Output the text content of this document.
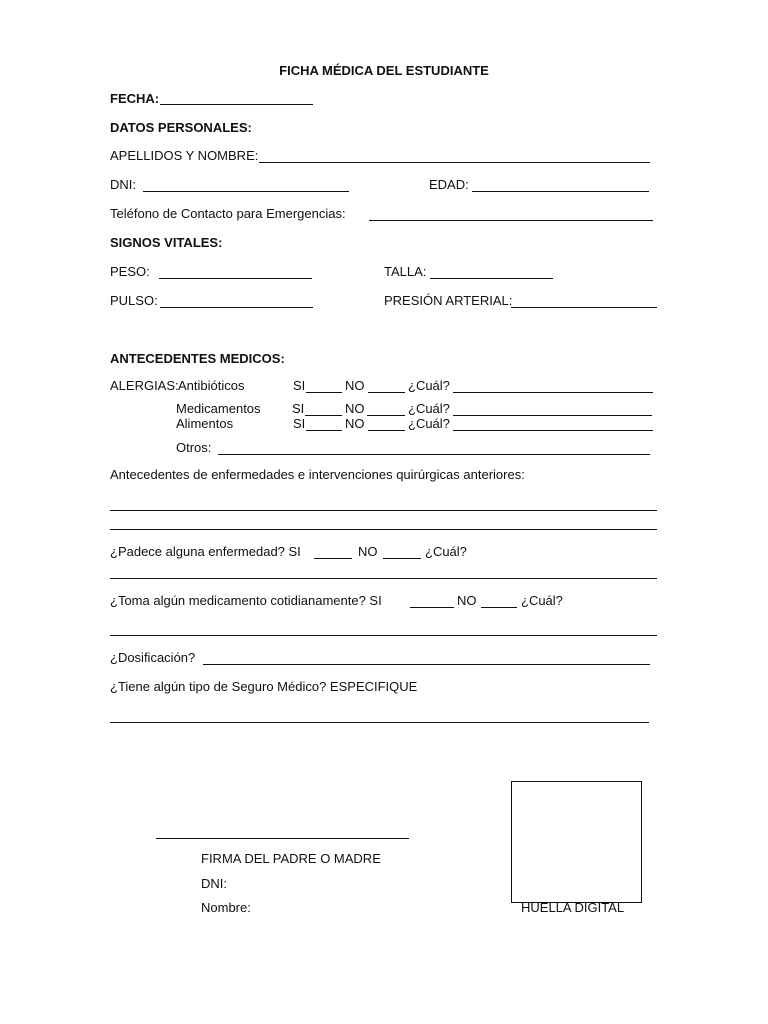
FICHA MÉDICA DEL ESTUDIANTE
FECHA:
DATOS PERSONALES:
APELLIDOS Y NOMBRE:
DNI:	EDAD:
Teléfono de Contacto para Emergencias:
SIGNOS VITALES:
PESO:	TALLA:
PULSO:	PRESIÓN ARTERIAL:
ANTECEDENTES MEDICOS:
ALERGIAS: Antibióticos	SI	NO	¿Cuál?
Medicamentos SI	NO	¿Cuál?
Alimentos	SI	NO	¿Cuál?
Otros:
Antecedentes de enfermedades e intervenciones quirúrgicas anteriores:
¿Padece alguna enfermedad? SI	NO	¿Cuál?
¿Toma algún medicamento cotidianamente? SI	NO	¿Cuál?
¿Dosificación?
¿Tiene algún tipo de Seguro Médico? ESPECIFIQUE
FIRMA DEL PADRE O MADRE
DNI:
Nombre:	HUELLA DIGITAL
